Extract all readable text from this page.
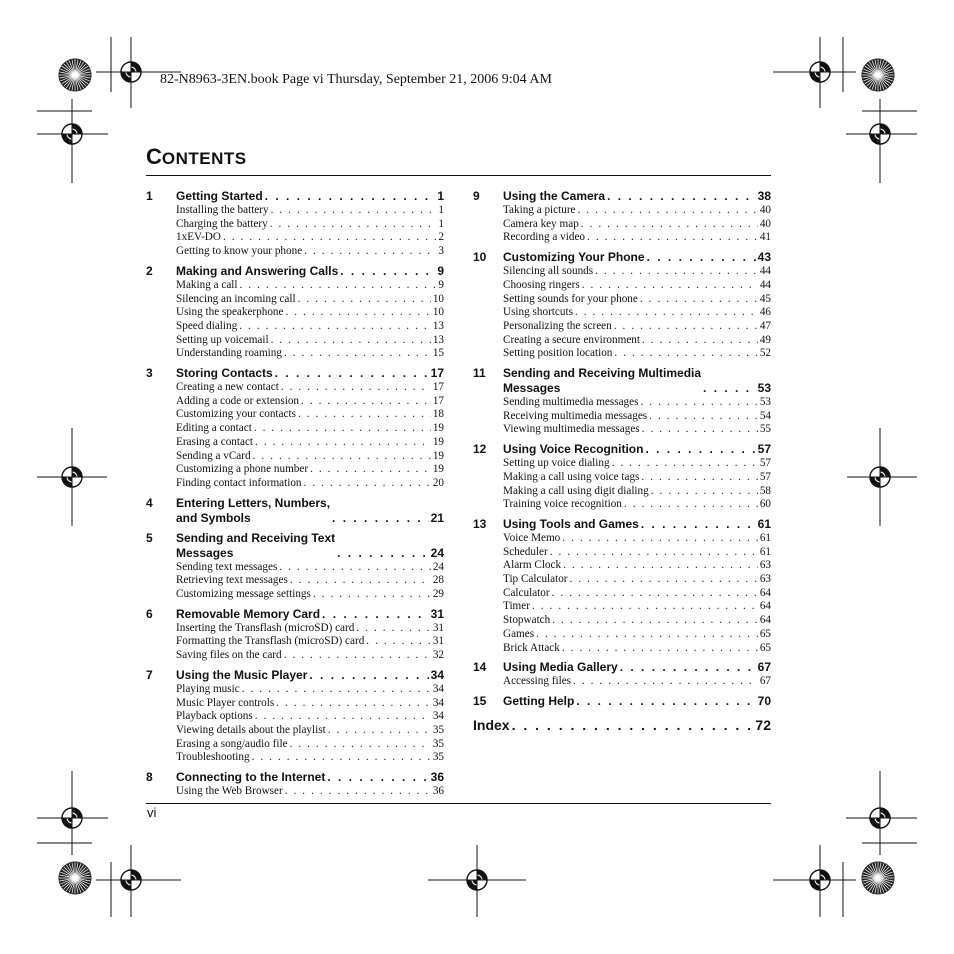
82-N8963-3EN.book Page vi Thursday, September 21, 2006 9:04 AM
CONTENTS
1	Getting Started . . .	1
Installing the battery . . .	1
Charging the battery . . .	1
1xEV-DO . . .	2
Getting to know your phone . . .	3
2	Making and Answering Calls . . .	9
Making a call . . .	9
Silencing an incoming call . . .	10
Using the speakerphone . . .	10
Speed dialing . . .	13
Setting up voicemail . . .	13
Understanding roaming . . .	15
3	Storing Contacts . . .	17
Creating a new contact . . .	17
Adding a code or extension . . .	17
Customizing your contacts . . .	18
Editing a contact . . .	19
Erasing a contact . . .	19
Sending a vCard . . .	19
Customizing a phone number . . .	19
Finding contact information . . .	20
4	Entering Letters, Numbers,
and Symbols . . .	21
5	Sending and Receiving Text
Messages . . .	24
Sending text messages . . .	24
Retrieving text messages . . .	28
Customizing message settings . . .	29
6	Removable Memory Card . . .	31
Inserting the Transflash (microSD) card . . .	31
Formatting the Transflash (microSD) card . . .	31
Saving files on the card . . .	32
7	Using the Music Player . . .	34
Playing music . . .	34
Music Player controls . . .	34
Playback options . . .	34
Viewing details about the playlist . . .	35
Erasing a song/audio file . . .	35
Troubleshooting . . .	35
8	Connecting to the Internet . . .	36
Using the Web Browser . . .	36
9	Using the Camera . . .	38
Taking a picture . . .	40
Camera key map . . .	40
Recording a video . . .	41
10	Customizing Your Phone . . .	43
Silencing all sounds . . .	44
Choosing ringers . . .	44
Setting sounds for your phone . . .	45
Using shortcuts . . .	46
Personalizing the screen . . .	47
Creating a secure environment . . .	49
Setting position location . . .	52
11	Sending and Receiving Multimedia
Messages . . .	53
Sending multimedia messages . . .	53
Receiving multimedia messages . . .	54
Viewing multimedia messages . . .	55
12	Using Voice Recognition . . .	57
Setting up voice dialing . . .	57
Making a call using voice tags . . .	57
Making a call using digit dialing . . .	58
Training voice recognition . . .	60
13	Using Tools and Games . . .	61
Voice Memo . . .	61
Scheduler . . .	61
Alarm Clock . . .	63
Tip Calculator . . .	63
Calculator . . .	64
Timer . . .	64
Stopwatch . . .	64
Games . . .	65
Brick Attack . . .	65
14	Using Media Gallery . . .	67
Accessing files . . .	67
15	Getting Help . . .	70
Index . . .	72
vi
